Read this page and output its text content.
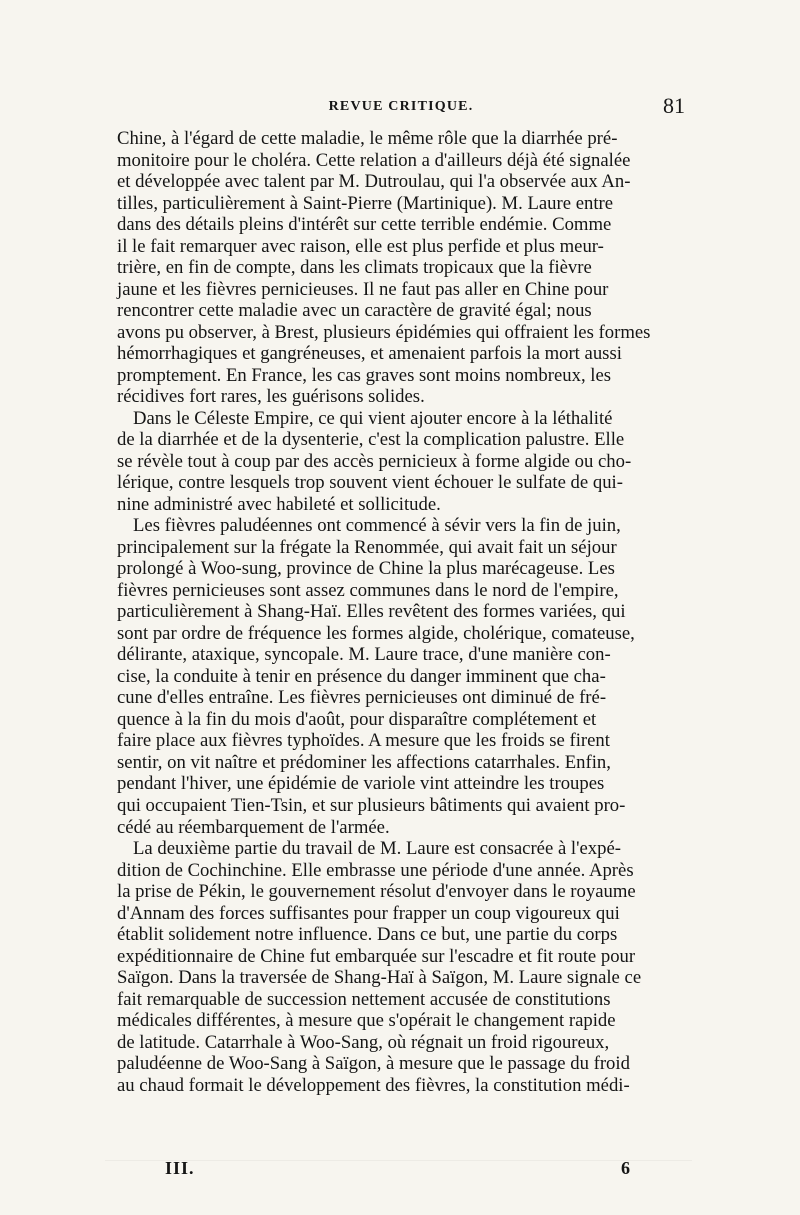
REVUE CRITIQUE.	81
Chine, à l'égard de cette maladie, le même rôle que la diarrhée pré-
monitoire pour le choléra. Cette relation a d'ailleurs déjà été signalée
et développée avec talent par M. Dutroulau, qui l'a observée aux An-
tilles, particulièrement à Saint-Pierre (Martinique). M. Laure entre
dans des détails pleins d'intérêt sur cette terrible endémie. Comme
il le fait remarquer avec raison, elle est plus perfide et plus meur-
trière, en fin de compte, dans les climats tropicaux que la fièvre
jaune et les fièvres pernicieuses. Il ne faut pas aller en Chine pour
rencontrer cette maladie avec un caractère de gravité égal; nous
avons pu observer, à Brest, plusieurs épidémies qui offraient les formes
hémorrhagiques et gangréneuses, et amenaient parfois la mort aussi
promptement. En France, les cas graves sont moins nombreux, les
récidives fort rares, les guérisons solides.
Dans le Céleste Empire, ce qui vient ajouter encore à la léthalité
de la diarrhée et de la dysenterie, c'est la complication palustre. Elle
se révèle tout à coup par des accès pernicieux à forme algide ou cho-
lérique, contre lesquels trop souvent vient échouer le sulfate de qui-
nine administré avec habileté et sollicitude.
Les fièvres paludéennes ont commencé à sévir vers la fin de juin,
principalement sur la frégate la Renommée, qui avait fait un séjour
prolongé à Woo-sung, province de Chine la plus marécageuse. Les
fièvres pernicieuses sont assez communes dans le nord de l'empire,
particulièrement à Shang-Haï. Elles revêtent des formes variées, qui
sont par ordre de fréquence les formes algide, cholérique, comateuse,
délirante, ataxique, syncopale. M. Laure trace, d'une manière con-
cise, la conduite à tenir en présence du danger imminent que cha-
cune d'elles entraîne. Les fièvres pernicieuses ont diminué de fré-
quence à la fin du mois d'août, pour disparaître complétement et
faire place aux fièvres typhoïdes. A mesure que les froids se firent
sentir, on vit naître et prédominer les affections catarrhales. Enfin,
pendant l'hiver, une épidémie de variole vint atteindre les troupes
qui occupaient Tien-Tsin, et sur plusieurs bâtiments qui avaient pro-
cédé au réembarquement de l'armée.
La deuxième partie du travail de M. Laure est consacrée à l'expé-
dition de Cochinchine. Elle embrasse une période d'une année. Après
la prise de Pékin, le gouvernement résolut d'envoyer dans le royaume
d'Annam des forces suffisantes pour frapper un coup vigoureux qui
établit solidement notre influence. Dans ce but, une partie du corps
expéditionnaire de Chine fut embarquée sur l'escadre et fit route pour
Saïgon. Dans la traversée de Shang-Haï à Saïgon, M. Laure signale ce
fait remarquable de succession nettement accusée de constitutions
médicales différentes, à mesure que s'opérait le changement rapide
de latitude. Catarrhale à Woo-Sang, où régnait un froid rigoureux,
paludéenne de Woo-Sang à Saïgon, à mesure que le passage du froid
au chaud formait le développement des fièvres, la constitution médi-
III.	6
